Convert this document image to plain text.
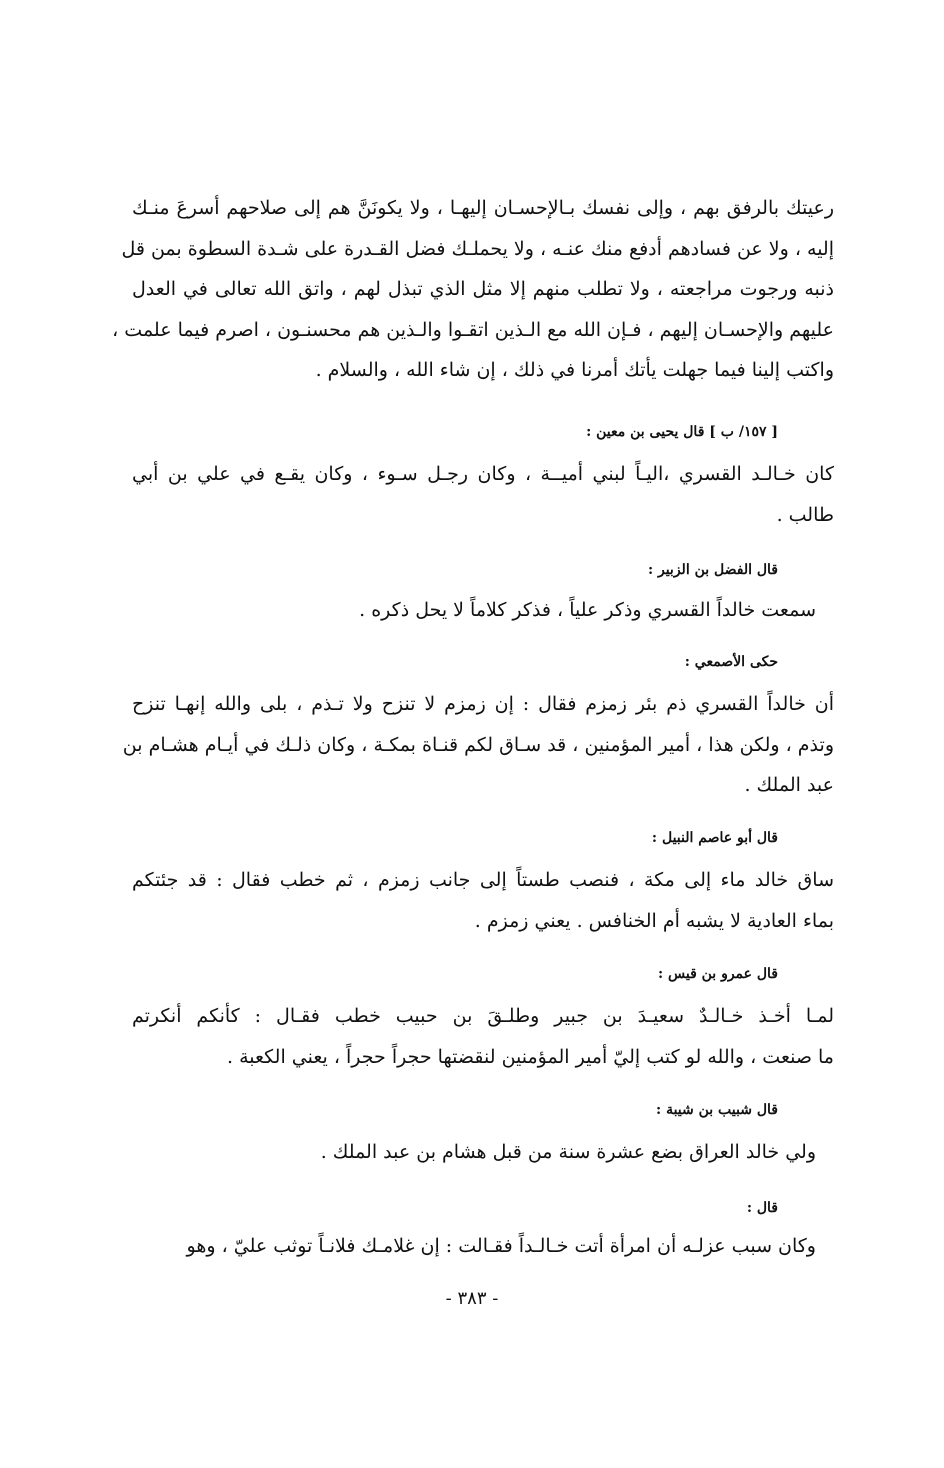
رعيتك بالرفق بهم ، وإلى نفسك بـالإحسـان إليهـا ، ولا يكونَنَّ هم إلى صلاحهم أسرعَ منـك

إليه ، ولا عن فسادهم أدفع منك عنـه ، ولا يحملـك فضل القـدرة على شـدة السطوة بمن قل

ذنبه ورجوت مراجعته ، ولا تطلب منهم إلا مثل الذي تبذل لهم ، واتق الله تعالى في العدل

عليهم والإحسـان إليهم ، فـإن الله مع الـذين اتقـوا والـذين هم محسنـون ، اصرم فيما علمت ،

واكتب إلينا فيما جهلت يأتك أمرنا في ذلك ، إن شاء الله ، والسلام .

[ ١٥٧/ ب ] قال يحيى بن معين :

كان خـالـد القسري ،اليـاً لبني أميــة ، وكان رجـل سـوء ، وكان يقـع في علي بن أبي

طالب .

قال الفضل بن الزبير :

سمعت خالداً القسري وذكر علياً ، فذكر كلاماً لا يحل ذكره .

حكى الأصمعي :

أن خالداً القسري ذم بئر زمزم فقال : إن زمزم لا تنزح ولا تـذم ، بلى والله إنهـا تنزح

وتذم ، ولكن هذا ، أمير المؤمنين ، قد سـاق لكم قنـاة بمكـة ، وكان ذلـك في أيـام هشـام بن

عبد الملك .

قال أبو عاصم النبيل :

ساق خالد ماء إلى مكة ، فنصب طستاً إلى جانب زمزم ، ثم خطب فقال : قد جئتكم

بماء العادية لا يشبه أم الخنافس . يعني زمزم .

قال عمرو بن قيس :

لمـا أخـذ خـالـدٌ سعيـدَ بن جبير وطلـقَ بن حبيب خطب فقـال : كأنكم أنكرتم

ما صنعت ، والله لو كتب إليّ أمير المؤمنين لنقضتها حجراً حجراً ، يعني الكعبة .

قال شبيب بن شيبة :

ولي خالد العراق بضع عشرة سنة من قبل هشام بن عبد الملك .

قال :

وكان سبب عزلـه أن امرأة أتت خـالـداً فقـالت : إن غلامـك فلانـاً توثب عليّ ، وهو

- ٣٨٣ -
